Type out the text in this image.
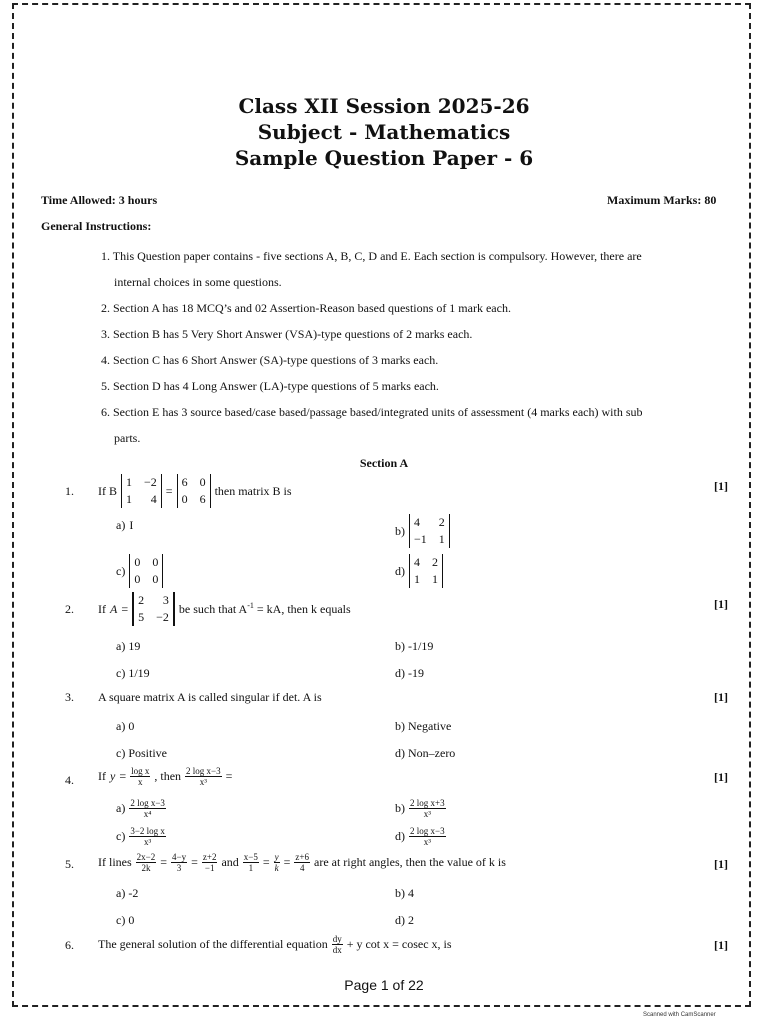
Class XII Session 2025-26
Subject - Mathematics
Sample Question Paper - 6
Time Allowed: 3 hours	Maximum Marks: 80
General Instructions:
1. This Question paper contains - five sections A, B, C, D and E. Each section is compulsory. However, there are
internal choices in some questions.
2. Section A has 18 MCQ’s and 02 Assertion-Reason based questions of 1 mark each.
3. Section B has 5 Very Short Answer (VSA)-type questions of 2 marks each.
4. Section C has 6 Short Answer (SA)-type questions of 3 marks each.
5. Section D has 4 Long Answer (LA)-type questions of 5 marks each.
6. Section E has 3 source based/case based/passage based/integrated units of assessment (4 marks each) with sub
parts.
Section A
1. If B
1 −2
1 4
=
6 0
0 6
then matrix B is	[1]
a) I	b)
4 2
−1 1
c)
0 0
0 0
d)
4 2
1 1
2. If A =
2 3
5 −2
be such that $A^{-1}$ = kA, then k equals	[1]
a) 19	b) -1/19
c) 1/19	d) -19
3. A square matrix A is called singular if det. A is	[1]
a) 0	b) Negative
c) Positive	d) Non–zero
4. If $y = \frac{\text{log x}}{x}$ , then $\frac{\text{2 log x−3}}{\text{x³}}$ =	[1]
$a) \frac{\text{2 log x−3}}{\text{x⁴}}$	$b) \frac{\text{2 log x+3}}{\text{x³}}$
$c) \frac{\text{3−2 log x}}{\text{x³}}$	$d) \frac{\text{2 log x−3}}{\text{x³}}$
5. If lines $\frac{2x-2}{2k} = \frac{4-y}{3} = \frac{z+2}{-1}$ and $\frac{x-5}{1} = \frac{y}{k} = \frac{z+6}{4}$ are at right angles, then the value of k is	[1]
a) -2	b) 4
c) 0	d) 2
6. The general solution of the differential equation $\frac{dy}{dx} + y$ cot x = cosec x, is	[1]
Page 1 of 22
Scanned with CamScanner
